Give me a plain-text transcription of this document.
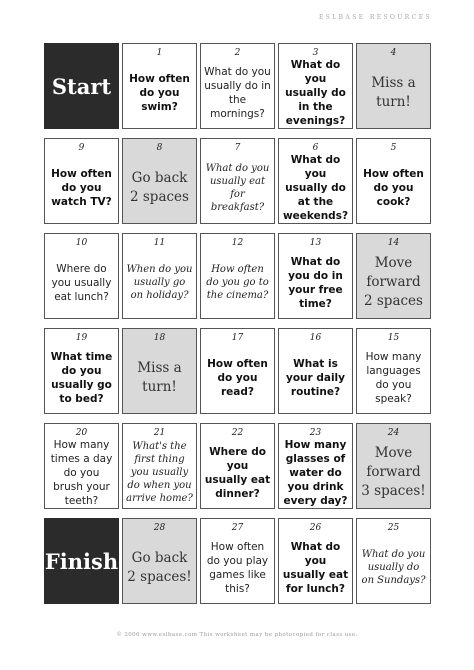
ESLBASE RESOURCES
Start
1
How often do you swim?
2
What do you usually do in the mornings?
3
What do you usually do in the evenings?
4
Miss a turn!
9
How often do you watch TV?
8
Go back 2 spaces
7
What do you usually eat for breakfast?
6
What do you usually do at the weekends?
5
How often do you cook?
10
Where do you usually eat lunch?
11
When do you usually go on holiday?
12
How often do you go to the cinema?
13
What do you do in your free time?
14
Move forward 2 spaces
19
What time do you usually go to bed?
18
Miss a turn!
17
How often do you read?
16
What is your daily routine?
15
How many languages do you speak?
20
How many times a day do you brush your teeth?
21
What's the first thing you usually do when you arrive home?
22
Where do you usually eat dinner?
23
How many glasses of water do you drink every day?
24
Move forward 3 spaces!
Finish
28
Go back 2 spaces!
27
How often do you play games like this?
26
What do you usually eat for lunch?
25
What do you usually do on Sundays?
© 2006 www.eslbase.com This worksheet may be photocopied for class use.
